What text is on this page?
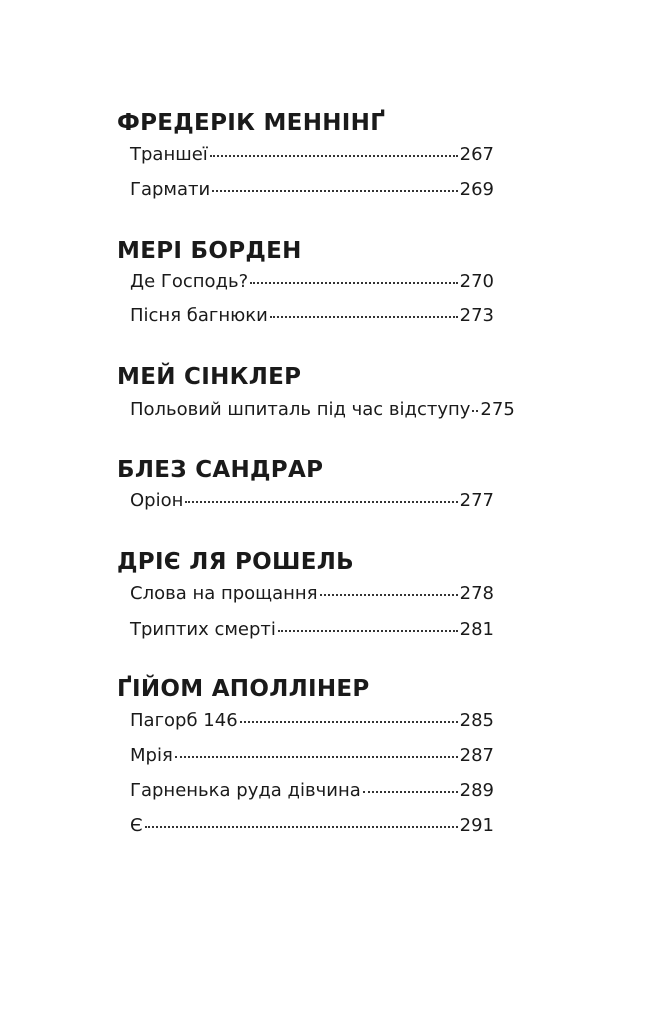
ФРЕДЕРІК МЕННІНҐ
Траншеї	267
Гармати	269
МЕРІ БОРДЕН
Де Господь?	270
Пісня багнюки	273
МЕЙ СІНКЛЕР
Польовий шпиталь під час відступу 275
БЛЕЗ САНДРАР
Оріон	277
ДРІЄ ЛЯ РОШЕЛЬ
Слова на прощання	278
Триптих смерті	281
ҐІЙОМ АПОЛЛІНЕР
Пагорб 146	285
Мрія	287
Гарненька руда дівчина	289
Є	291
